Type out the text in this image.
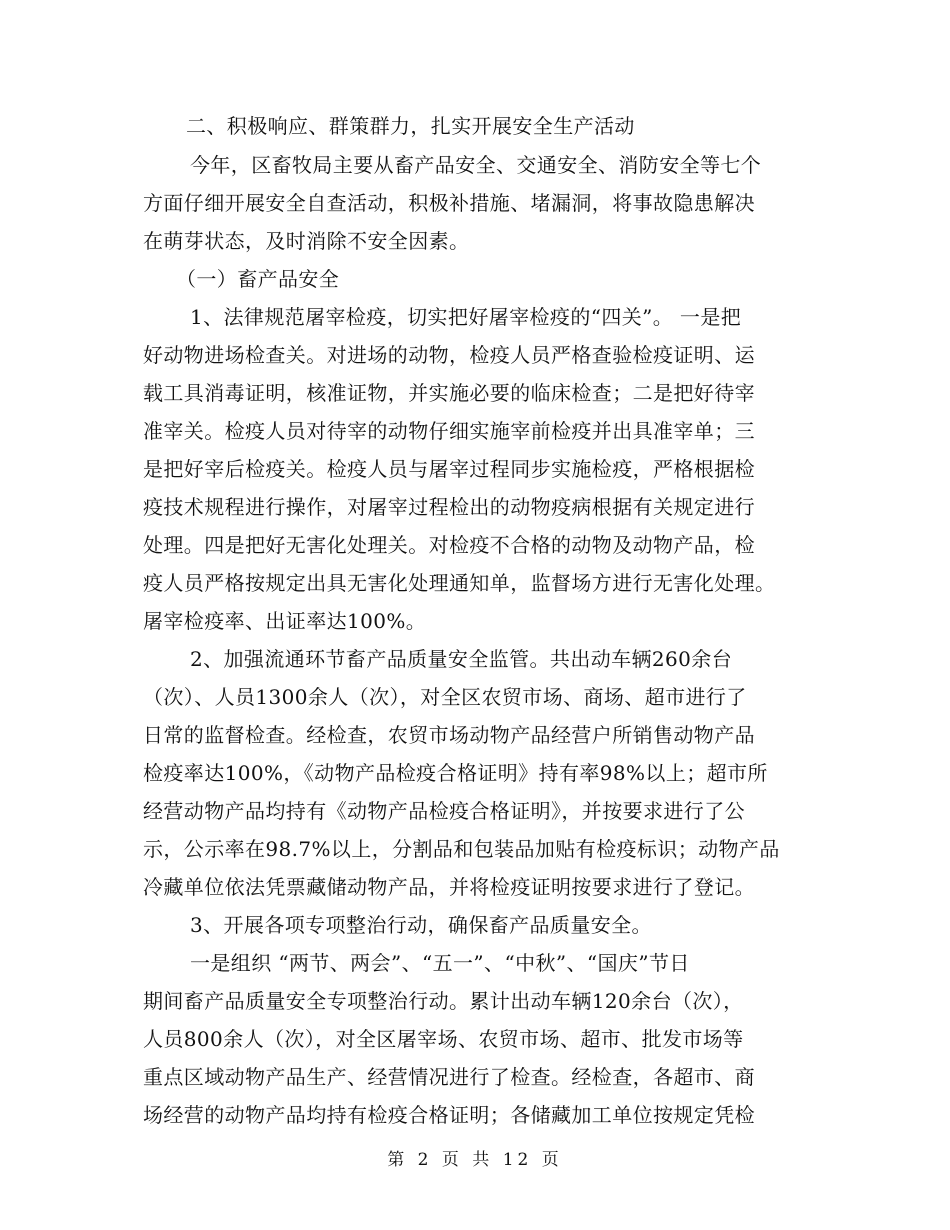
二、积极响应、群策群力，扎实开展安全生产活动
今年，区畜牧局主要从畜产品安全、交通安全、消防安全等七个
方面仔细开展安全自查活动，积极补措施、堵漏洞，将事故隐患解决
在萌芽状态，及时消除不安全因素。
（一）畜产品安全
1、法律规范屠宰检疫，切实把好屠宰检疫的“四关”。 一是把
好动物进场检查关。对进场的动物，检疫人员严格查验检疫证明、运
载工具消毒证明，核准证物，并实施必要的临床检查；二是把好待宰
准宰关。检疫人员对待宰的动物仔细实施宰前检疫并出具准宰单；三
是把好宰后检疫关。检疫人员与屠宰过程同步实施检疫，严格根据检
疫技术规程进行操作，对屠宰过程检出的动物疫病根据有关规定进行
处理。四是把好无害化处理关。对检疫不合格的动物及动物产品，检
疫人员严格按规定出具无害化处理通知单，监督场方进行无害化处理。
屠宰检疫率、出证率达100%。
2、加强流通环节畜产品质量安全监管。共出动车辆260余台
（次）、人员1300余人（次），对全区农贸市场、商场、超市进行了
日常的监督检查。经检查，农贸市场动物产品经营户所销售动物产品
检疫率达100%，《动物产品检疫合格证明》持有率98%以上；超市所
经营动物产品均持有《动物产品检疫合格证明》，并按要求进行了公
示，公示率在98.7%以上，分割品和包装品加贴有检疫标识；动物产品
冷藏单位依法凭票藏储动物产品，并将检疫证明按要求进行了登记。
3、开展各项专项整治行动，确保畜产品质量安全。
一是组织 “两节、两会”、“五一”、“中秋”、“国庆”节日
期间畜产品质量安全专项整治行动。累计出动车辆120余台（次），
人员800余人（次），对全区屠宰场、农贸市场、超市、批发市场等
重点区域动物产品生产、经营情况进行了检查。经检查，各超市、商
场经营的动物产品均持有检疫合格证明；各储藏加工单位按规定凭检
第 2 页 共 12 页
